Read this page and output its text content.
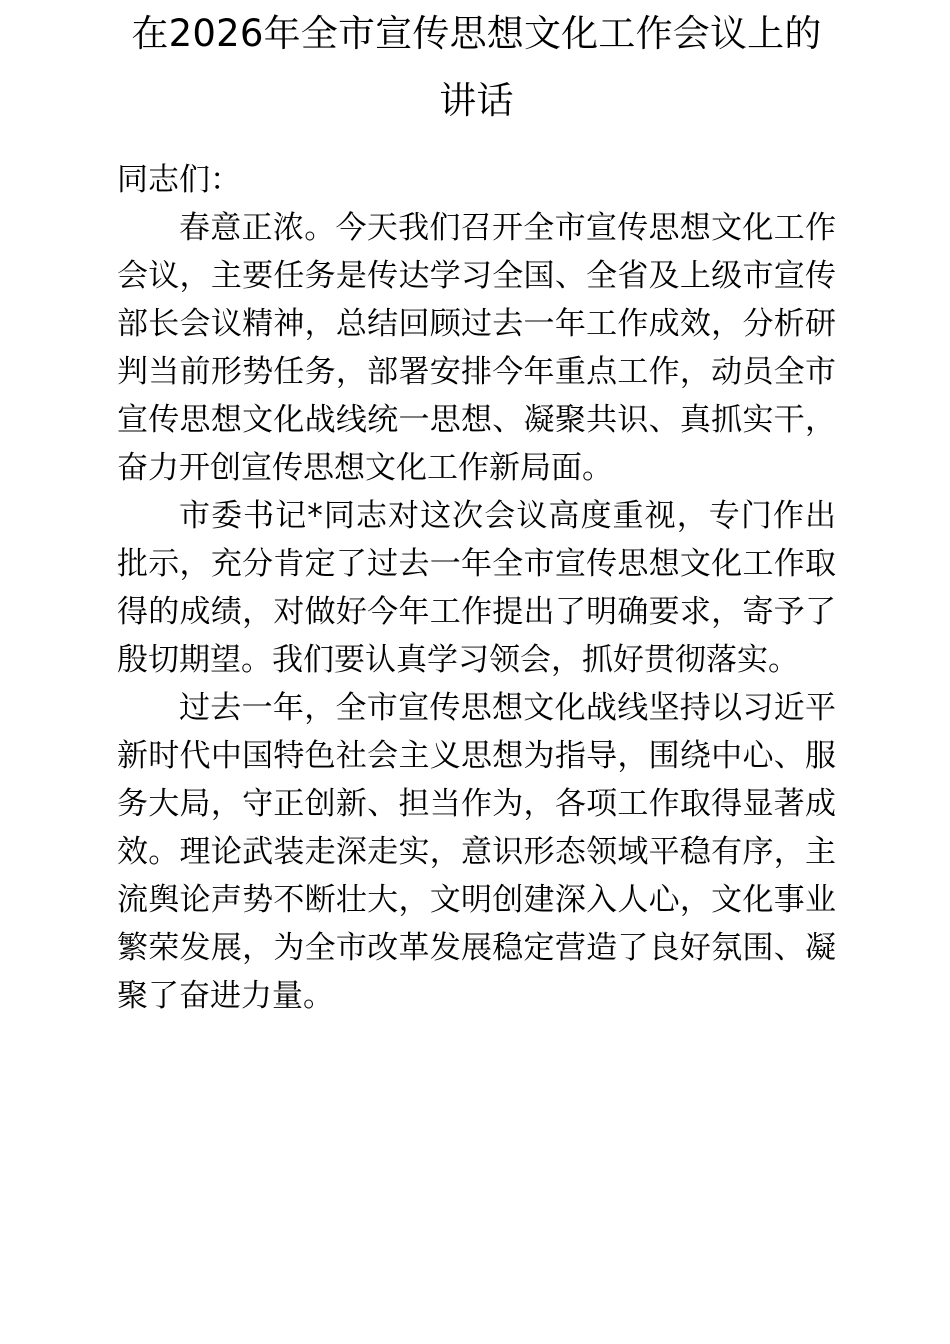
在2026年全市宣传思想文化工作会议上的讲话
同志们：

春意正浓。今天我们召开全市宣传思想文化工作会议，主要任务是传达学习全国、全省及上级市宣传部长会议精神，总结回顾过去一年工作成效，分析研判当前形势任务，部署安排今年重点工作，动员全市宣传思想文化战线统一思想、凝聚共识、真抓实干，奋力开创宣传思想文化工作新局面。

市委书记*同志对这次会议高度重视，专门作出批示，充分肯定了过去一年全市宣传思想文化工作取得的成绩，对做好今年工作提出了明确要求，寄予了殷切期望。我们要认真学习领会，抓好贯彻落实。

过去一年，全市宣传思想文化战线坚持以习近平新时代中国特色社会主义思想为指导，围绕中心、服务大局，守正创新、担当作为，各项工作取得显著成效。理论武装走深走实，意识形态领域平稳有序，主流舆论声势不断壮大，文明创建深入人心，文化事业繁荣发展，为全市改革发展稳定营造了良好氛围、凝聚了奋进力量。
